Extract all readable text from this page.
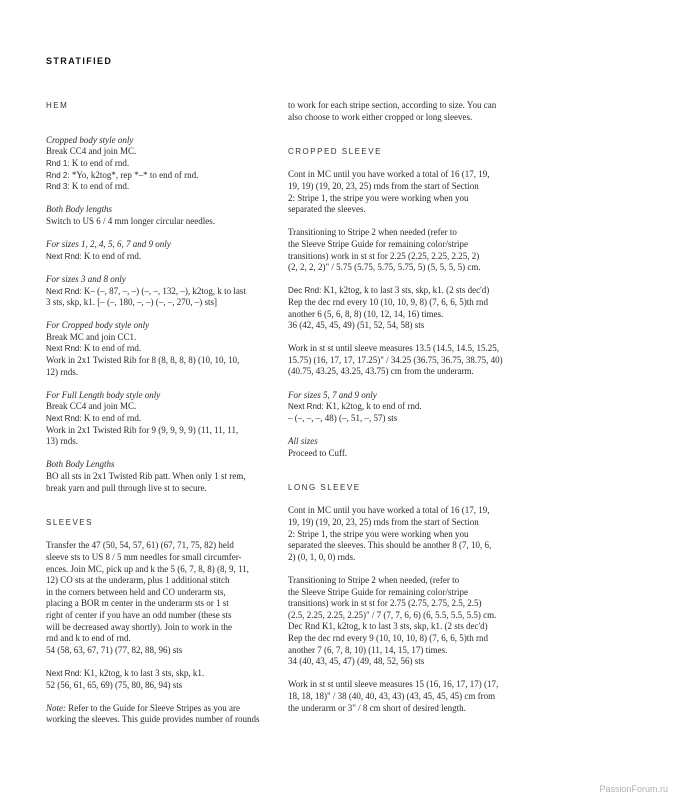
STRATIFIED

HEM

Cropped body style only

Break CC4 and join MC.

Rnd 1: K to end of rnd.

Rnd 2: *Yo, k2tog*, rep *–* to end of rnd.

Rnd 3: K to end of rnd.

Both Body lengths

Switch to US 6 / 4 mm longer circular needles.

For sizes 1, 2, 4, 5, 6, 7 and 9 only

Next Rnd: K to end of rnd.

For sizes 3 and 8 only

Next Rnd: K– (–, 87, –, –) (–, –, 132, –), k2tog, k to last
3 sts, skp, k1. [– (–, 180, –, –) (–, –, 270, –) sts]

For Cropped body style only

Break MC and join CC1.

Next Rnd: K to end of rnd.

Work in 2x1 Twisted Rib for 8 (8, 8, 8, 8) (10, 10, 10,
12) rnds.

For Full Length body style only

Break CC4 and join MC.

Next Rnd: K to end of rnd.

Work in 2x1 Twisted Rib for 9 (9, 9, 9, 9) (11, 11, 11,
13) rnds.

Both Body Lengths

BO all sts in 2x1 Twisted Rib patt. When only 1 st rem,
break yarn and pull through live st to secure.

SLEEVES

Transfer the 47 (50, 54, 57, 61) (67, 71, 75, 82) held
sleeve sts to US 8 / 5 mm needles for small circumfer-
ences. Join MC, pick up and k the 5 (6, 7, 8, 8) (8, 9, 11,
12) CO sts at the underarm, plus 1 additional stitch
in the corners between held and CO underarm sts,
placing a BOR m center in the underarm sts or 1 st
right of center if you have an odd number (these sts
will be decreased away shortly). Join to work in the
rnd and k to end of rnd.
54 (58, 63, 67, 71) (77, 82, 88, 96) sts

Next Rnd: K1, k2tog, k to last 3 sts, skp, k1.
52 (56, 61, 65, 69) (75, 80, 86, 94) sts

Note: Refer to the Guide for Sleeve Stripes as you are
working the sleeves. This guide provides number of rounds

to work for each stripe section, according to size. You can
also choose to work either cropped or long sleeves.

CROPPED SLEEVE

Cont in MC until you have worked a total of 16 (17, 19,
19, 19) (19, 20, 23, 25) rnds from the start of Section
2: Stripe 1, the stripe you were working when you
separated the sleeves.

Transitioning to Stripe 2 when needed (refer to
the Sleeve Stripe Guide for remaining color/stripe
transitions) work in st st for 2.25 (2.25, 2.25, 2.25, 2)
(2, 2, 2, 2)" / 5.75 (5.75, 5.75, 5.75, 5) (5, 5, 5, 5) cm.

Dec Rnd: K1, k2tog, k to last 3 sts, skp, k1. (2 sts dec'd)
Rep the dec rnd every 10 (10, 10, 9, 8) (7, 6, 6, 5)th rnd
another 6 (5, 6, 8, 8) (10, 12, 14, 16) times.
36 (42, 45, 45, 49) (51, 52, 54, 58) sts

Work in st st until sleeve measures 13.5 (14.5, 14.5, 15.25,
15.75) (16, 17, 17, 17.25)" / 34.25 (36.75, 36.75, 38.75, 40)
(40.75, 43.25, 43.25, 43.75) cm from the underarm.

For sizes 5, 7 and 9 only

Next Rnd: K1, k2tog, k to end of rnd.
– (–, –, –, 48) (–, 51, –, 57) sts

All sizes

Proceed to Cuff.

LONG SLEEVE

Cont in MC until you have worked a total of 16 (17, 19,
19, 19) (19, 20, 23, 25) rnds from the start of Section
2: Stripe 1, the stripe you were working when you
separated the sleeves. This should be another 8 (7, 10, 6,
2) (0, 1, 0, 0) rnds.

Transitioning to Stripe 2 when needed, (refer to
the Sleeve Stripe Guide for remaining color/stripe
transitions) work in st st for 2.75 (2.75, 2.75, 2.5, 2.5)
(2.5, 2.25, 2.25, 2.25)" / 7 (7, 7, 6, 6) (6, 5.5, 5.5, 5.5) cm.
Dec Rnd K1, k2tog, k to last 3 sts, skp, k1. (2 sts dec'd)
Rep the dec rnd every 9 (10, 10, 10, 8) (7, 6, 6, 5)th rnd
another 7 (6, 7, 8, 10) (11, 14, 15, 17) times.
34 (40, 43, 45, 47) (49, 48, 52, 56) sts

Work in st st until sleeve measures 15 (16, 16, 17, 17) (17,
18, 18, 18)" / 38 (40, 40, 43, 43) (43, 45, 45, 45) cm from
the underarm or 3" / 8 cm short of desired length.

PassionForum.ru
